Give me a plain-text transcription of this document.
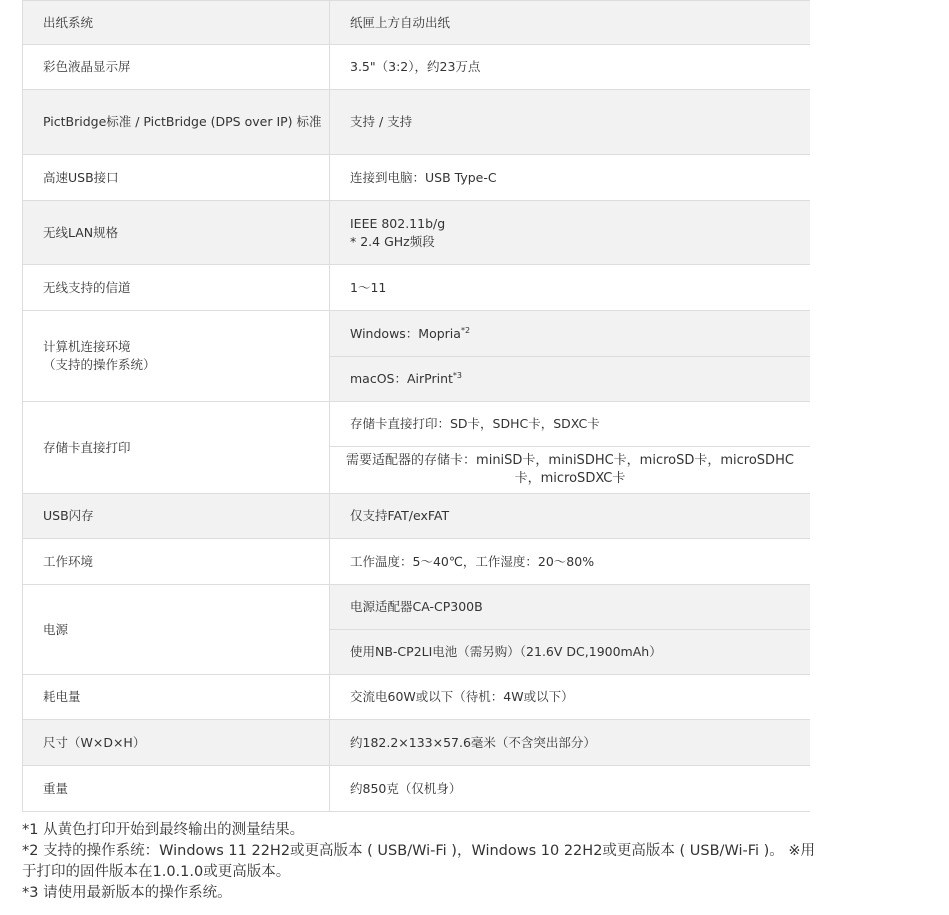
出纸系统	纸匣上方自动出纸
彩色液晶显示屏	3.5"（3:2），约23万点
PictBridge标准 / PictBridge (DPS over IP) 标准	支持 / 支持
高速USB接口	连接到电脑：USB Type-C
无线LAN规格	IEEE 802.11b/g
* 2.4 GHz频段

无线支持的信道	1～11

计算机连接环境
（支持的操作系统）	Windows：Mopria$^{*2}$
	macOS：AirPrint$^{*3}$
存储卡直接打印	存储卡直接打印：SD卡，SDHC卡，SDXC卡
	需要适配器的存储卡：miniSD卡，miniSDHC卡，microSD卡，microSDHC卡，microSDXC卡
USB闪存	仅支持FAT/exFAT
工作环境	工作温度：5～40℃，工作湿度：20～80%
电源	电源适配器CA-CP300B
	使用NB-CP2LI电池（需另购）（21.6V DC,1900mAh）
耗电量	交流电60W或以下（待机：4W或以下）
尺寸（W×D×H）	约182.2×133×57.6毫米（不含突出部分）
重量	约850克（仅机身）
*1 从黄色打印开始到最终输出的测量结果。
*2 支持的操作系统：Windows 11 22H2或更高版本 ( USB/Wi-Fi )，Windows 10 22H2或更高版本 ( USB/Wi-Fi )。 ※用于打印的固件版本在1.0.1.0或更高版本。
*3 请使用最新版本的操作系统。
